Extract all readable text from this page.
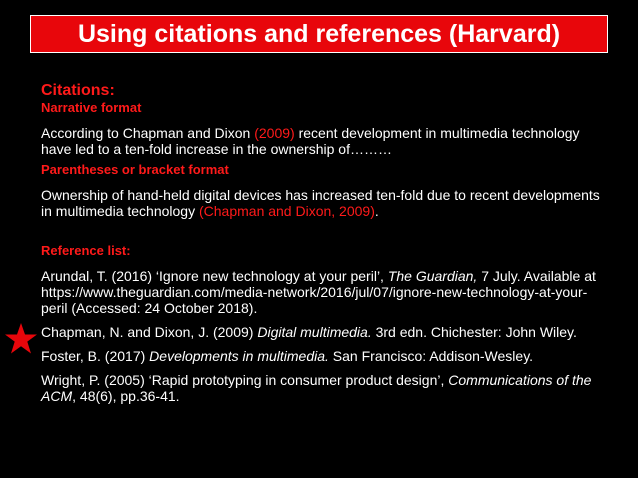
Using citations and references (Harvard)

Citations:

Narrative format

According to Chapman and Dixon (2009) recent development in multimedia technology have led to a ten-fold increase in the ownership of………

Parentheses or bracket format

Ownership of hand-held digital devices has increased ten-fold due to recent developments in multimedia technology (Chapman and Dixon, 2009).

Reference list:

Arundal, T. (2016) ‘Ignore new technology at your peril’, The Guardian, 7 July. Available at https://www.theguardian.com/media-network/2016/jul/07/ignore-new-technology-at-your-peril (Accessed: 24 October 2018).

Chapman, N. and Dixon, J. (2009) Digital multimedia. 3rd edn. Chichester: John Wiley.

Foster, B. (2017) Developments in multimedia. San Francisco: Addison-Wesley.

Wright, P. (2005) ‘Rapid prototyping in consumer product design’, Communications of the ACM, 48(6), pp.36-41.
